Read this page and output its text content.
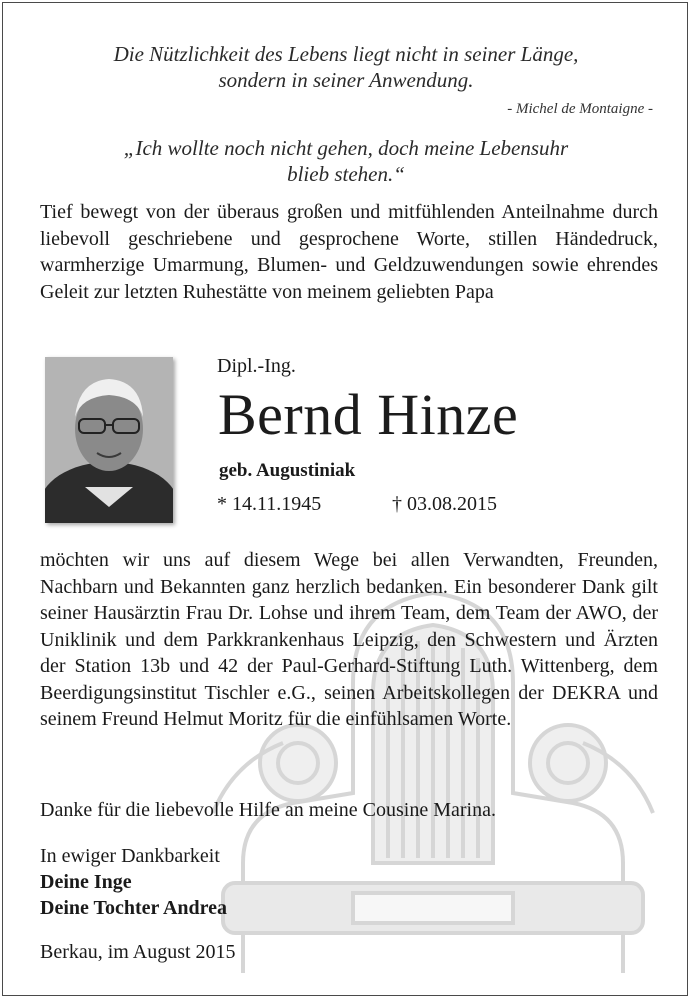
Die Nützlichkeit des Lebens liegt nicht in seiner Länge,
sondern in seiner Anwendung.
- Michel de Montaigne -
„Ich wollte noch nicht gehen, doch meine Lebensuhr
blieb stehen.“
Tief bewegt von der überaus großen und mitfühlenden Anteilnahme durch liebevoll geschriebene und gesprochene Worte, stillen Händedruck, warmherzige Umarmung, Blumen- und Geldzuwendungen sowie ehrendes Geleit zur letzten Ruhestätte von meinem geliebten Papa
Dipl.-Ing.
Bernd Hinze
geb. Augustiniak
* 14.11.1945	† 03.08.2015
möchten wir uns auf diesem Wege bei allen Verwandten, Freunden, Nachbarn und Bekannten ganz herzlich bedanken. Ein besonderer Dank gilt seiner Hausärztin Frau Dr. Lohse und ihrem Team, dem Team der AWO, der Uniklinik und dem Parkkrankenhaus Leipzig, den Schwestern und Ärzten der Station 13b und 42 der Paul-Gerhard-Stiftung Luth. Wittenberg, dem Beerdigungsinstitut Tischler e.G., seinen Arbeitskollegen der DEKRA und seinem Freund Helmut Moritz für die einfühlsamen Worte.
Danke für die liebevolle Hilfe an meine Cousine Marina.
In ewiger Dankbarkeit
Deine Inge
Deine Tochter Andrea
Berkau, im August 2015
